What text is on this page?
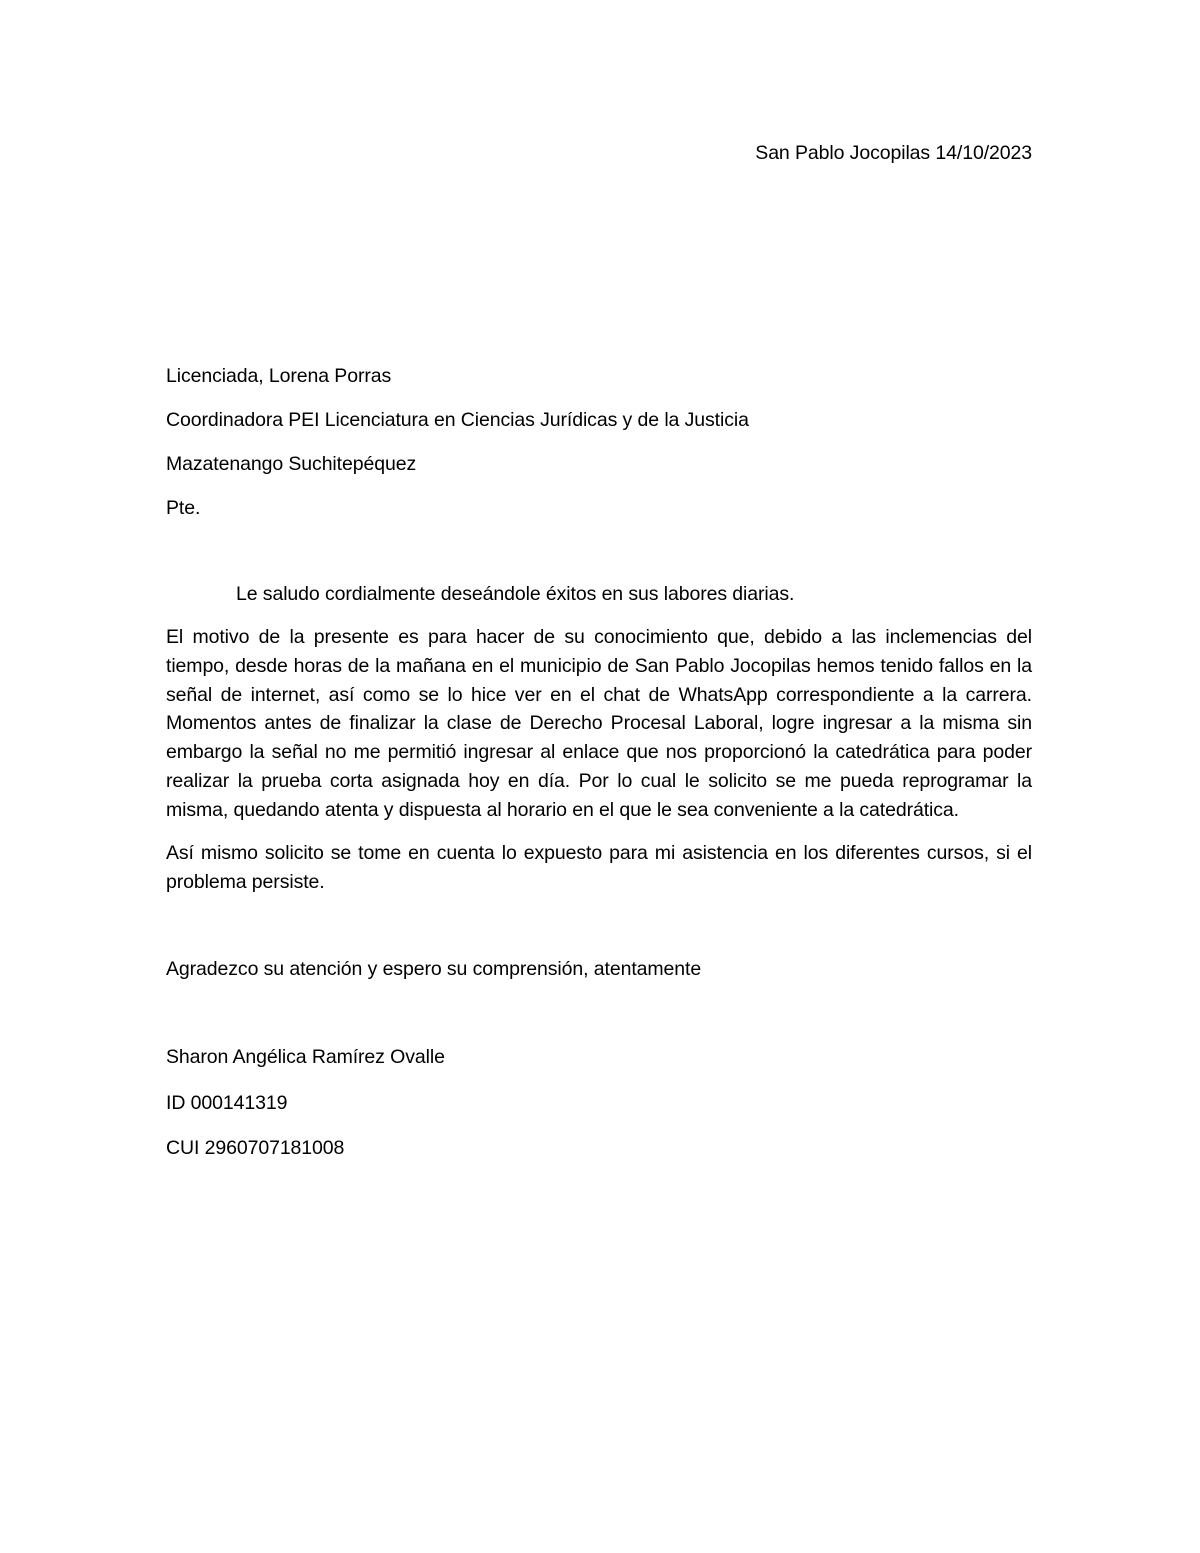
San Pablo Jocopilas 14/10/2023
Licenciada, Lorena Porras
Coordinadora PEI Licenciatura en Ciencias Jurídicas y de la Justicia
Mazatenango Suchitepéquez
Pte.
Le saludo cordialmente deseándole éxitos en sus labores diarias.
El motivo de la presente es para hacer de su conocimiento que, debido a las inclemencias del tiempo, desde horas de la mañana en el municipio de San Pablo Jocopilas hemos tenido fallos en la señal de internet, así como se lo hice ver en el chat de WhatsApp correspondiente a la carrera. Momentos antes de finalizar la clase de Derecho Procesal Laboral, logre ingresar a la misma sin embargo la señal no me permitió ingresar al enlace que nos proporcionó la catedrática para poder realizar la prueba corta asignada hoy en día. Por lo cual le solicito se me pueda reprogramar la misma, quedando atenta y dispuesta al horario en el que le sea conveniente a la catedrática.
Así mismo solicito se tome en cuenta lo expuesto para mi asistencia en los diferentes cursos, si el problema persiste.
Agradezco su atención y espero su comprensión, atentamente
Sharon Angélica Ramírez Ovalle
ID 000141319
CUI 2960707181008
